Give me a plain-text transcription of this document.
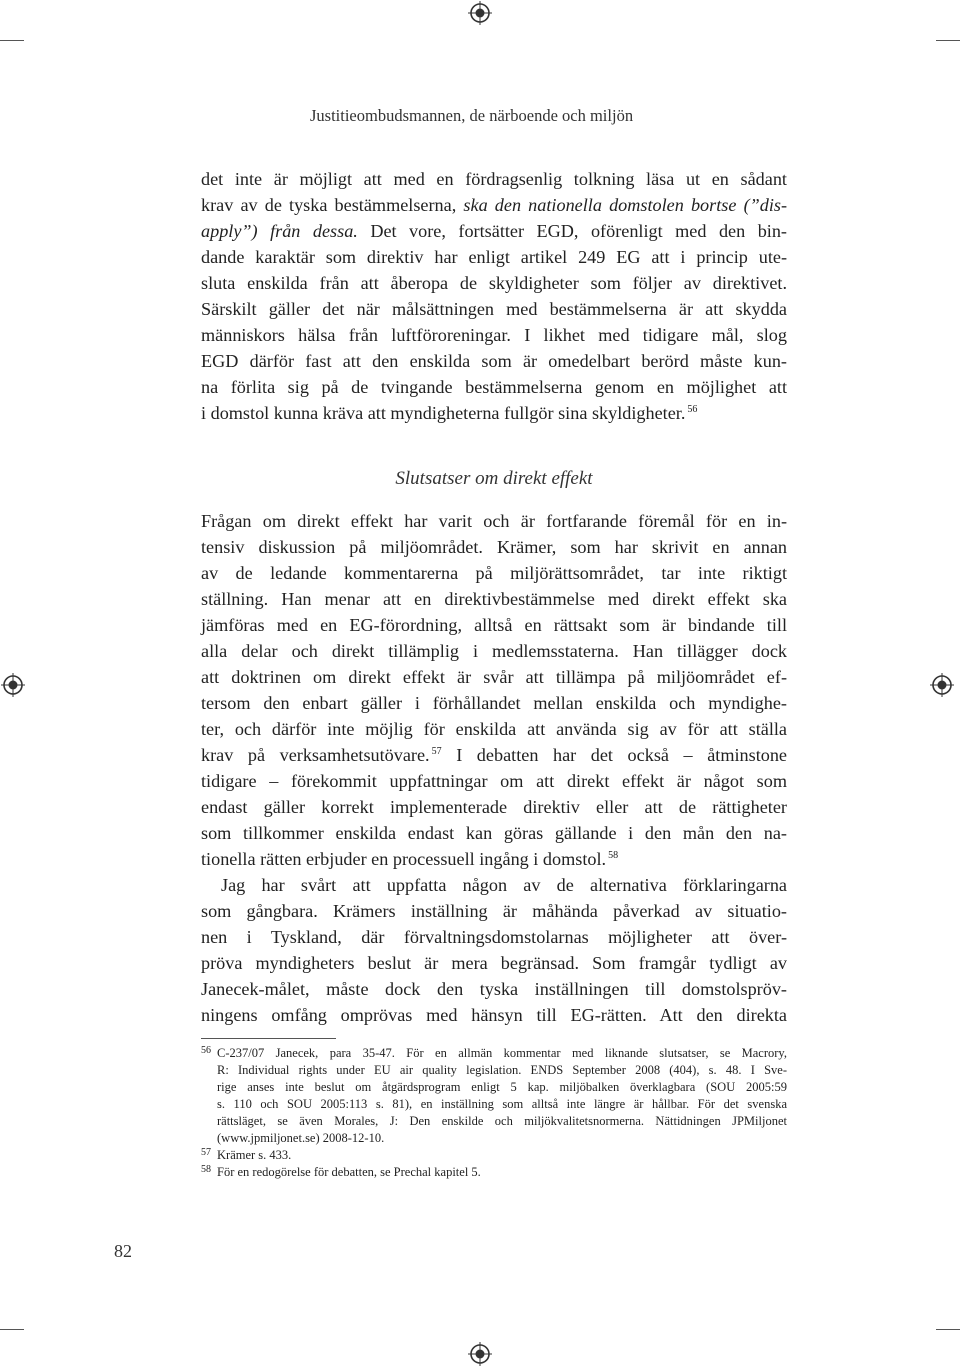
Justitieombudsmannen, de närboende och miljön
det inte är möjligt att med en fördragsenlig tolkning läsa ut en sådant
krav av de tyska bestämmelserna, ska den nationella domstolen bortse (”dis-
apply”) från dessa. Det vore, fortsätter EGD, oförenligt med den bin-
dande karaktär som direktiv har enligt artikel 249 EG att i princip ute-
sluta enskilda från att åberopa de skyldigheter som följer av direktivet.
Särskilt gäller det när målsättningen med bestämmelserna är att skydda
människors hälsa från luftföroreningar. I likhet med tidigare mål, slog
EGD därför fast att den enskilda som är omedelbart berörd måste kun-
na förlita sig på de tvingande bestämmelserna genom en möjlighet att
i domstol kunna kräva att myndigheterna fullgör sina skyldigheter. $^{56}$
Slutsatser om direkt effekt
Frågan om direkt effekt har varit och är fortfarande föremål för en in-
tensiv diskussion på miljöområdet. Krämer, som har skrivit en annan
av de ledande kommentarerna på miljörättsområdet, tar inte riktigt
ställning. Han menar att en direktivbestämmelse med direkt effekt ska
jämföras med en EG-förordning, alltså en rättsakt som är bindande till
alla delar och direkt tillämplig i medlemsstaterna. Han tillägger dock
att doktrinen om direkt effekt är svår att tillämpa på miljöområdet ef-
tersom den enbart gäller i förhållandet mellan enskilda och myndighe-
ter, och därför inte möjlig för enskilda att använda sig av för att ställa
krav på verksamhetsutövare. $^{57}$ I debatten har det också – åtminstone
tidigare – förekommit uppfattningar om att direkt effekt är något som
endast gäller korrekt implementerade direktiv eller att de rättigheter
som tillkommer enskilda endast kan göras gällande i den mån den na-
tionella rätten erbjuder en processuell ingång i domstol. $^{58}$
Jag har svårt att uppfatta någon av de alternativa förklaringarna
som gångbara. Krämers inställning är måhända påverkad av situatio-
nen i Tyskland, där förvaltningsdomstolarnas möjligheter att över-
pröva myndigheters beslut är mera begränsad. Som framgår tydligt av
Janecek-målet, måste dock den tyska inställningen till domstolspröv-
ningens omfång omprövas med hänsyn till EG-rätten. Att den direkta
56 C-237/07 Janecek, para 35-47. För en allmän kommentar med liknande slutsatser, se Macrory,
R: Individual rights under EU air quality legislation. ENDS September 2008 (404), s. 48. I Sve-
rige anses inte beslut om åtgärdsprogram enligt 5 kap. miljöbalken överklagbara (SOU 2005:59
s. 110 och SOU 2005:113 s. 81), en inställning som alltså inte längre är hållbar. För det svenska
rättsläget, se även Morales, J: Den enskilde och miljökvalitetsnormerna. Nättidningen JPMiljonet
(www.jpmiljonet.se) 2008-12-10.
57 Krämer s. 433.
58 För en redogörelse för debatten, se Prechal kapitel 5.
82
